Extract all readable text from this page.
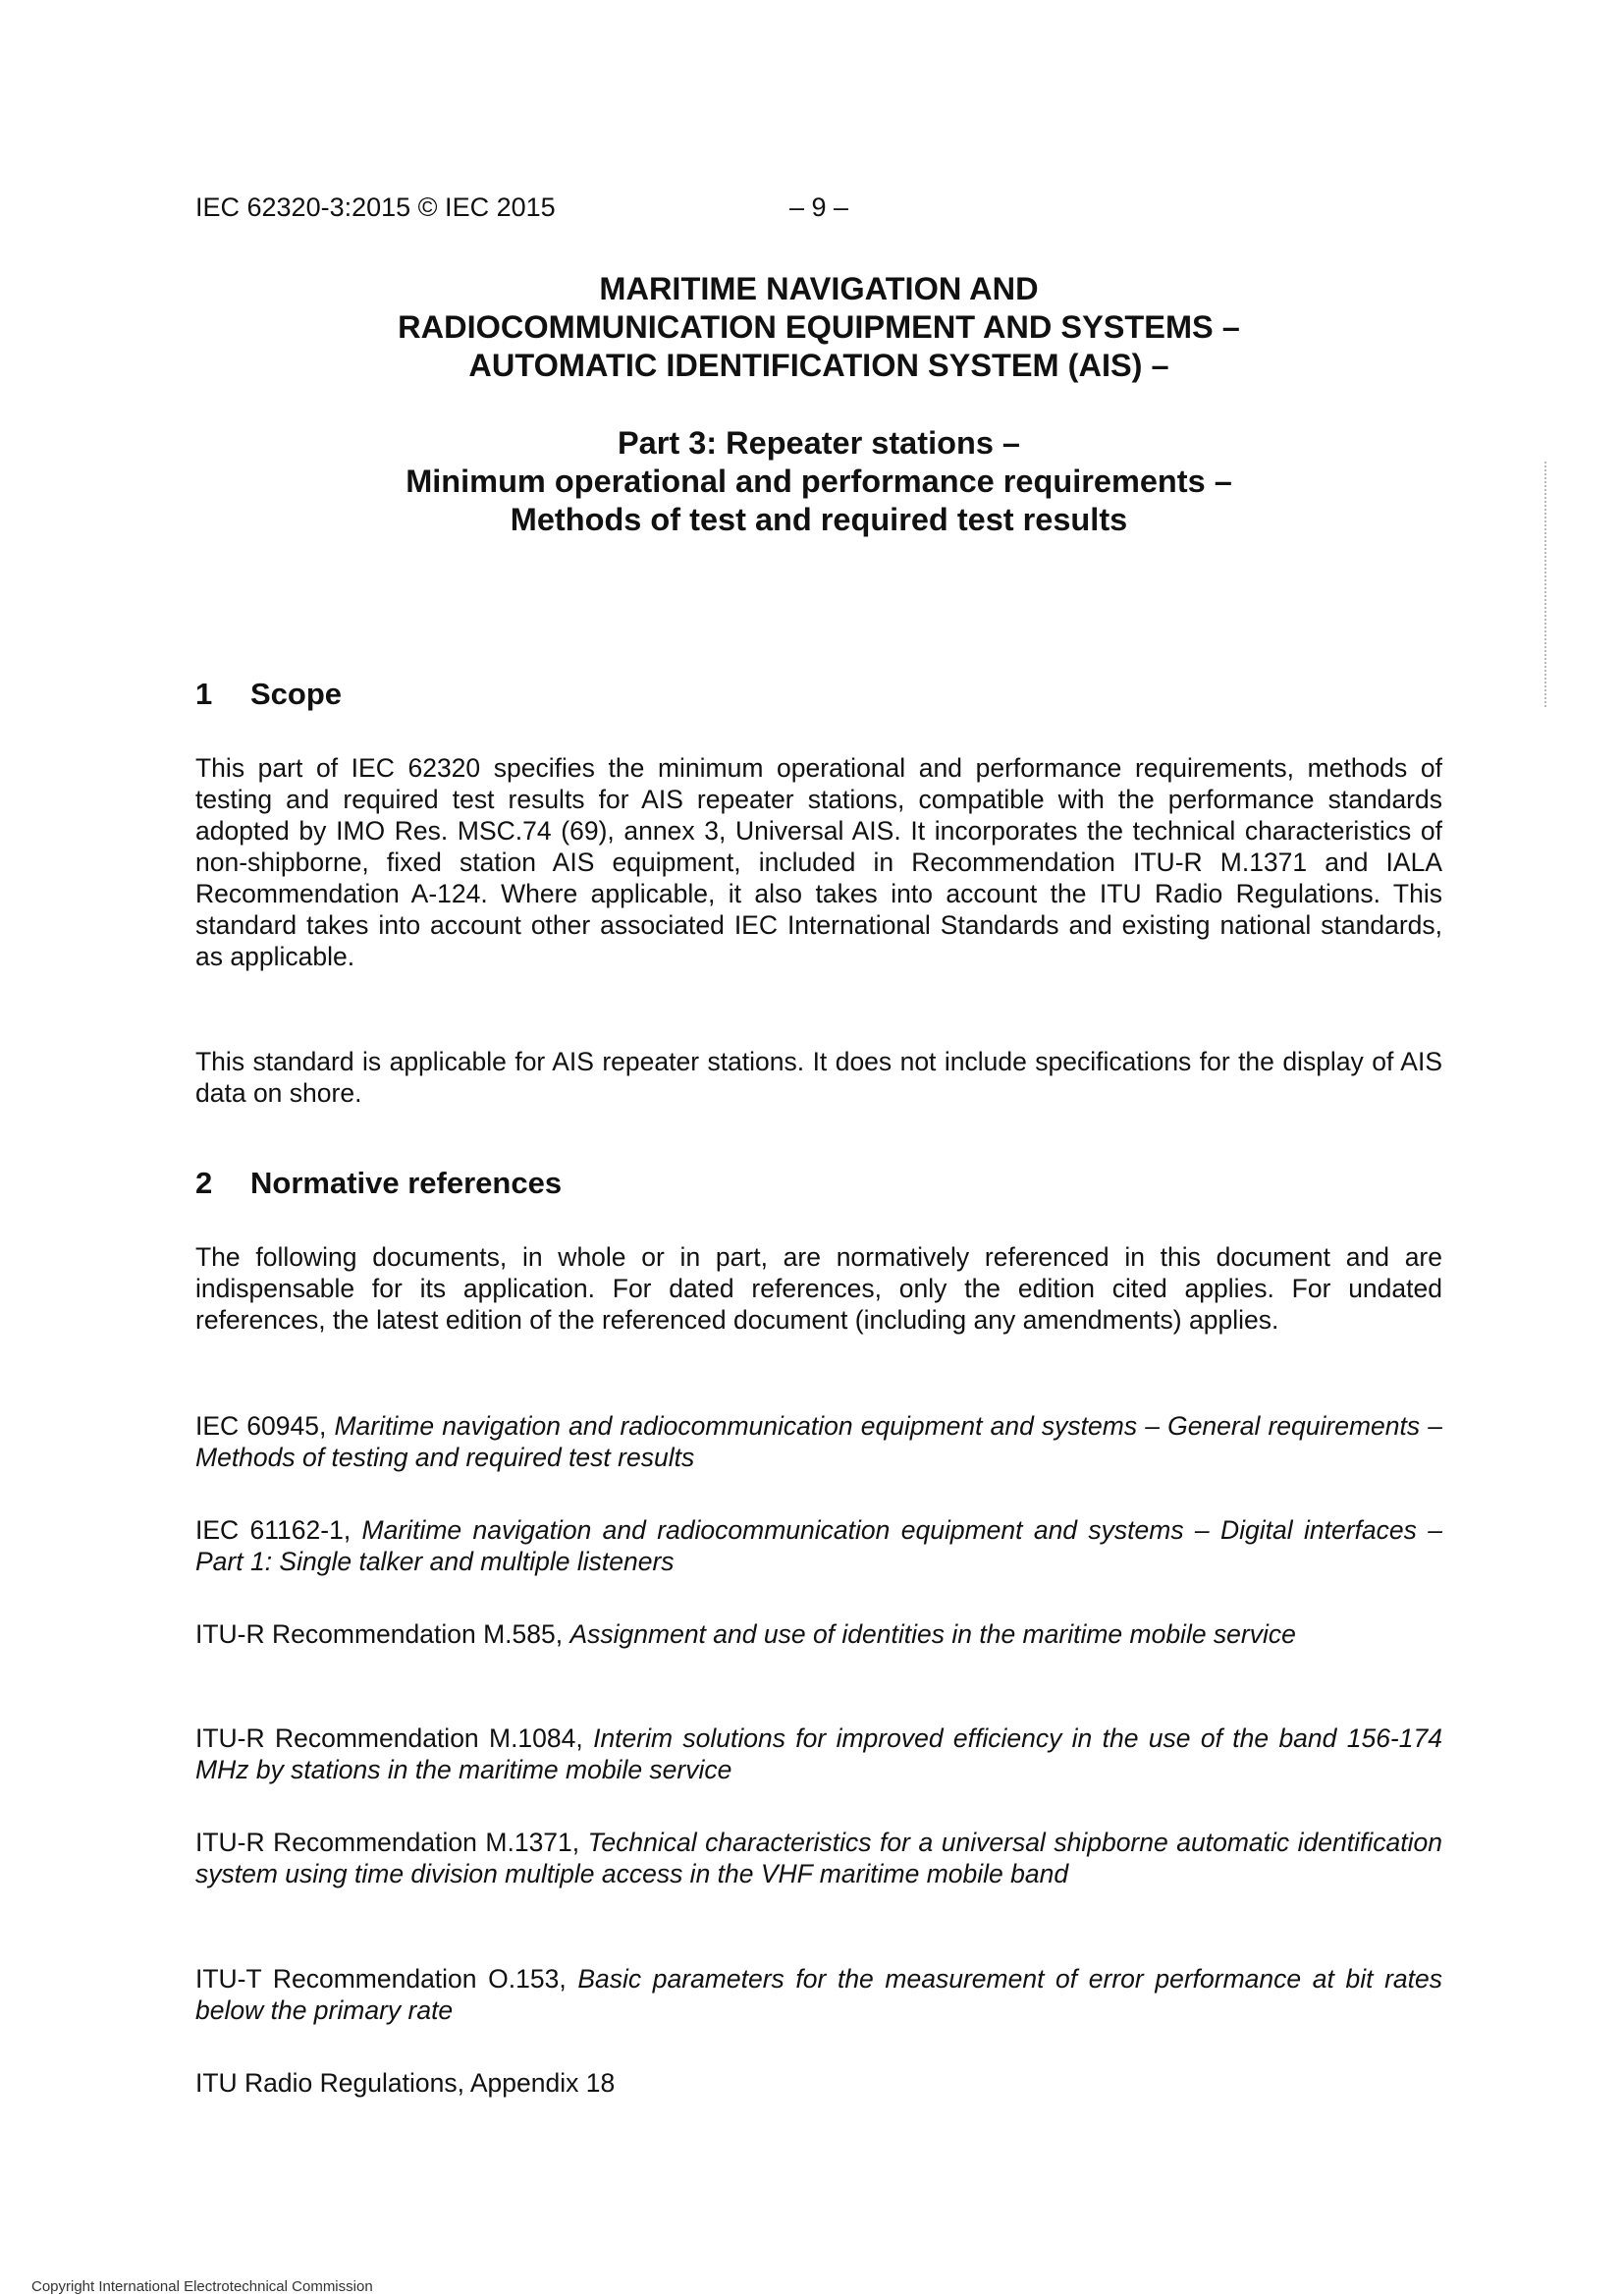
IEC 62320-3:2015 © IEC 2015	– 9 –
MARITIME NAVIGATION AND
RADIOCOMMUNICATION EQUIPMENT AND SYSTEMS –
AUTOMATIC IDENTIFICATION SYSTEM (AIS) –
Part 3: Repeater stations –
Minimum operational and performance requirements –
Methods of test and required test results
1 Scope

This part of IEC 62320 specifies the minimum operational and performance requirements, methods of testing and required test results for AIS repeater stations, compatible with the performance standards adopted by IMO Res. MSC.74 (69), annex 3, Universal AIS. It incorporates the technical characteristics of non-shipborne, fixed station AIS equipment, included in Recommendation ITU-R M.1371 and IALA Recommendation A-124. Where applicable, it also takes into account the ITU Radio Regulations. This standard takes into account other associated IEC International Standards and existing national standards, as applicable.

This standard is applicable for AIS repeater stations. It does not include specifications for the display of AIS data on shore.

2 Normative references

The following documents, in whole or in part, are normatively referenced in this document and are indispensable for its application. For dated references, only the edition cited applies. For undated references, the latest edition of the referenced document (including any amendments) applies.

IEC 60945, Maritime navigation and radiocommunication equipment and systems – General requirements – Methods of testing and required test results

IEC 61162-1, Maritime navigation and radiocommunication equipment and systems – Digital interfaces – Part 1: Single talker and multiple listeners

ITU-R Recommendation M.585, Assignment and use of identities in the maritime mobile service

ITU-R Recommendation M.1084, Interim solutions for improved efficiency in the use of the band 156-174 MHz by stations in the maritime mobile service

ITU-R Recommendation M.1371, Technical characteristics for a universal shipborne automatic identification system using time division multiple access in the VHF maritime mobile band

ITU-T Recommendation O.153, Basic parameters for the measurement of error performance at bit rates below the primary rate

ITU Radio Regulations, Appendix 18

Copyright International Electrotechnical Commission
